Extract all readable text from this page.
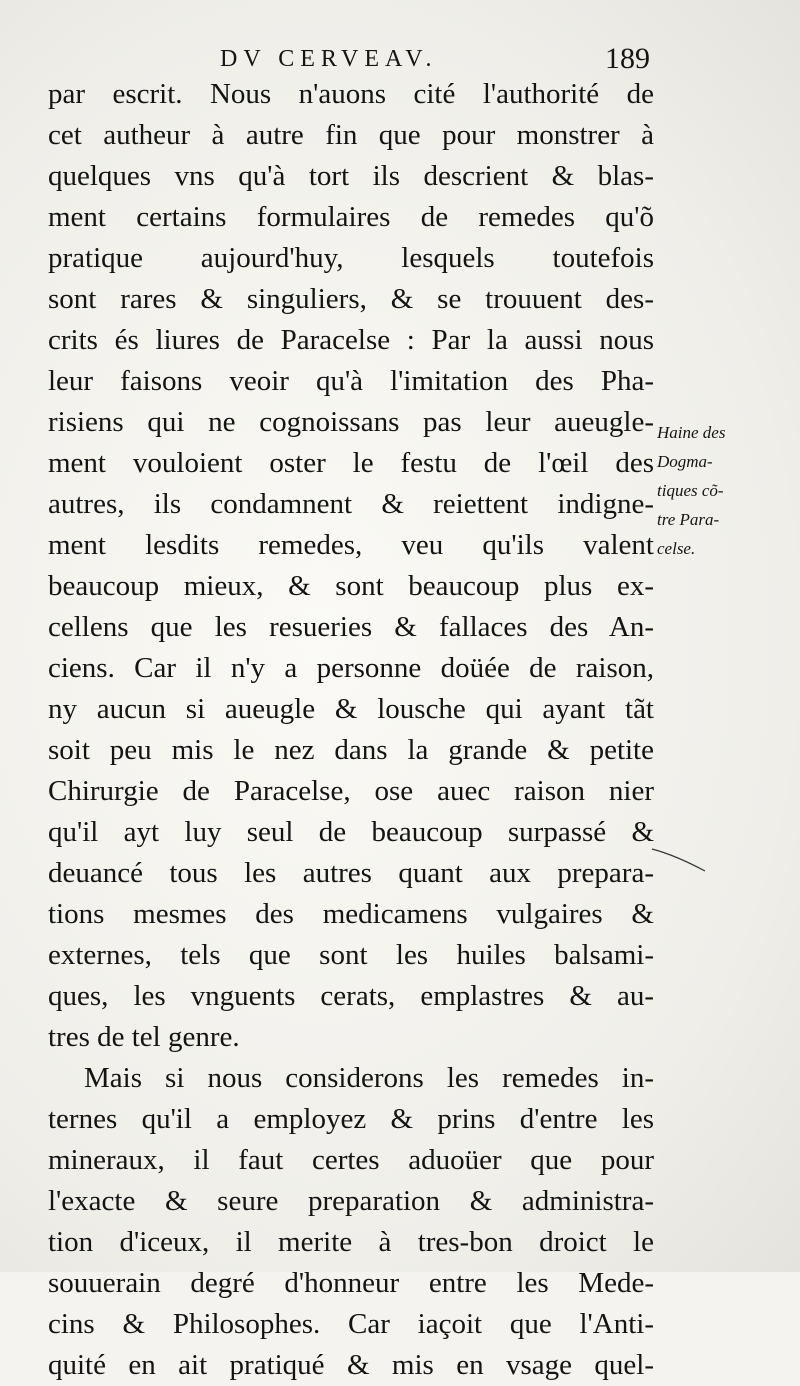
DV CERVEAV.	189
par escrit. Nous n'auons cité l'authorité de
cet autheur à autre fin que pour monstrer à
quelques vns qu'à tort ils descrient & blas-
ment certains formulaires de remedes qu'õ
pratique aujourd'huy, lesquels toutefois
sont rares & singuliers, & se trouuent des-
crits és liures de Paracelse : Par la aussi nous
leur faisons veoir qu'à l'imitation des Pha-
risiens qui ne cognoissans pas leur aueugle-
ment vouloient oster le festu de l'œil des
autres, ils condamnent & reiettent indigne-
ment lesdits remedes, veu qu'ils valent
beaucoup mieux, & sont beaucoup plus ex-
cellens que les resueries & fallaces des An-
ciens. Car il n'y a personne doüée de raison,
ny aucun si aueugle & lousche qui ayant tãt
soit peu mis le nez dans la grande & petite
Chirurgie de Paracelse, ose auec raison nier
qu'il ayt luy seul de beaucoup surpassé &
deuancé tous les autres quant aux prepara-
tions mesmes des medicamens vulgaires &
externes, tels que sont les huiles balsami-
ques, les vnguents cerats, emplastres & au-
tres de tel genre.
Mais si nous considerons les remedes in-
ternes qu'il a employez & prins d'entre les
mineraux, il faut certes aduoüer que pour
l'exacte & seure preparation & administra-
tion d'iceux, il merite à tres-bon droict le
souuerain degré d'honneur entre les Mede-
cins & Philosophes. Car iaçoit que l'Anti-
quité en ait pratiqué & mis en vsage quel-
Haine des
Dogma-
tiques cõ-
tre Para-
celse.
